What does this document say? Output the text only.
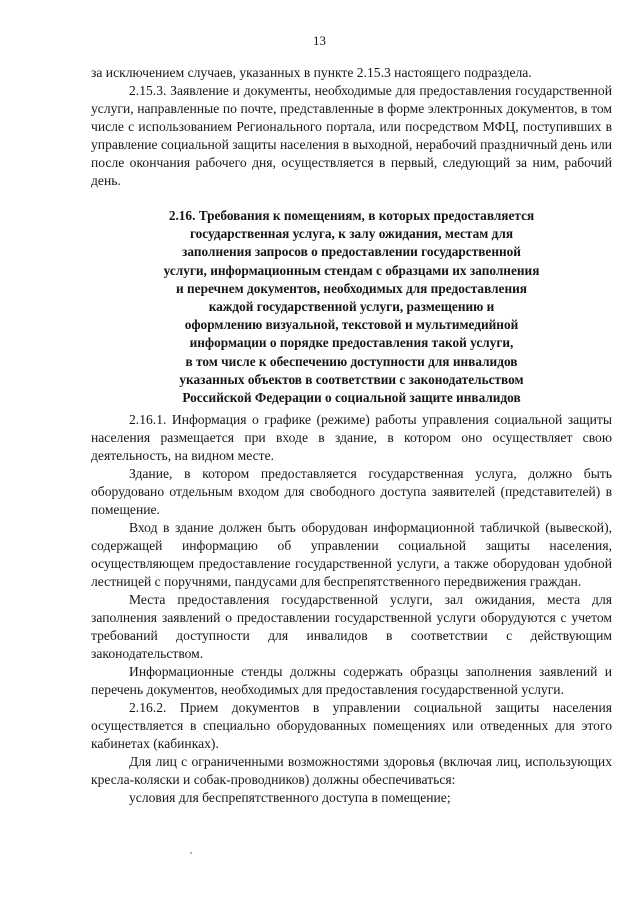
13

за исключением случаев, указанных в пункте 2.15.3 настоящего подраздела.

2.15.3. Заявление и документы, необходимые для предоставления государственной услуги, направленные по почте, представленные в форме электронных документов, в том числе с использованием Регионального портала, или посредством МФЦ, поступивших в управление социальной защиты населения в выходной, нерабочий праздничный день или после окончания рабочего дня, осуществляется в первый, следующий за ним, рабочий день.

2.16. Требования к помещениям, в которых предоставляется
государственная услуга, к залу ожидания, местам для
заполнения запросов о предоставлении государственной
услуги, информационным стендам с образцами их заполнения
и перечнем документов, необходимых для предоставления
каждой государственной услуги, размещению и
оформлению визуальной, текстовой и мультимедийной
информации о порядке предоставления такой услуги,
в том числе к обеспечению доступности для инвалидов
указанных объектов в соответствии с законодательством
Российской Федерации о социальной защите инвалидов

2.16.1. Информация о графике (режиме) работы управления социальной защиты населения размещается при входе в здание, в котором оно осуществляет свою деятельность, на видном месте.

Здание, в котором предоставляется государственная услуга, должно быть оборудовано отдельным входом для свободного доступа заявителей (представителей) в помещение.

Вход в здание должен быть оборудован информационной табличкой (вывеской), содержащей информацию об управлении социальной защиты населения, осуществляющем предоставление государственной услуги, а также оборудован удобной лестницей с поручнями, пандусами для беспрепятственного передвижения граждан.

Места предоставления государственной услуги, зал ожидания, места для заполнения заявлений о предоставлении государственной услуги оборудуются с учетом требований доступности для инвалидов в соответствии с действующим законодательством.

Информационные стенды должны содержать образцы заполнения заявлений и перечень документов, необходимых для предоставления государственной услуги.

2.16.2. Прием документов в управлении социальной защиты населения осуществляется в специально оборудованных помещениях или отведенных для этого кабинетах (кабинках).

Для лиц с ограниченными возможностями здоровья (включая лиц, использующих кресла-коляски и собак-проводников) должны обеспечиваться:

условия для беспрепятственного доступа в помещение;
